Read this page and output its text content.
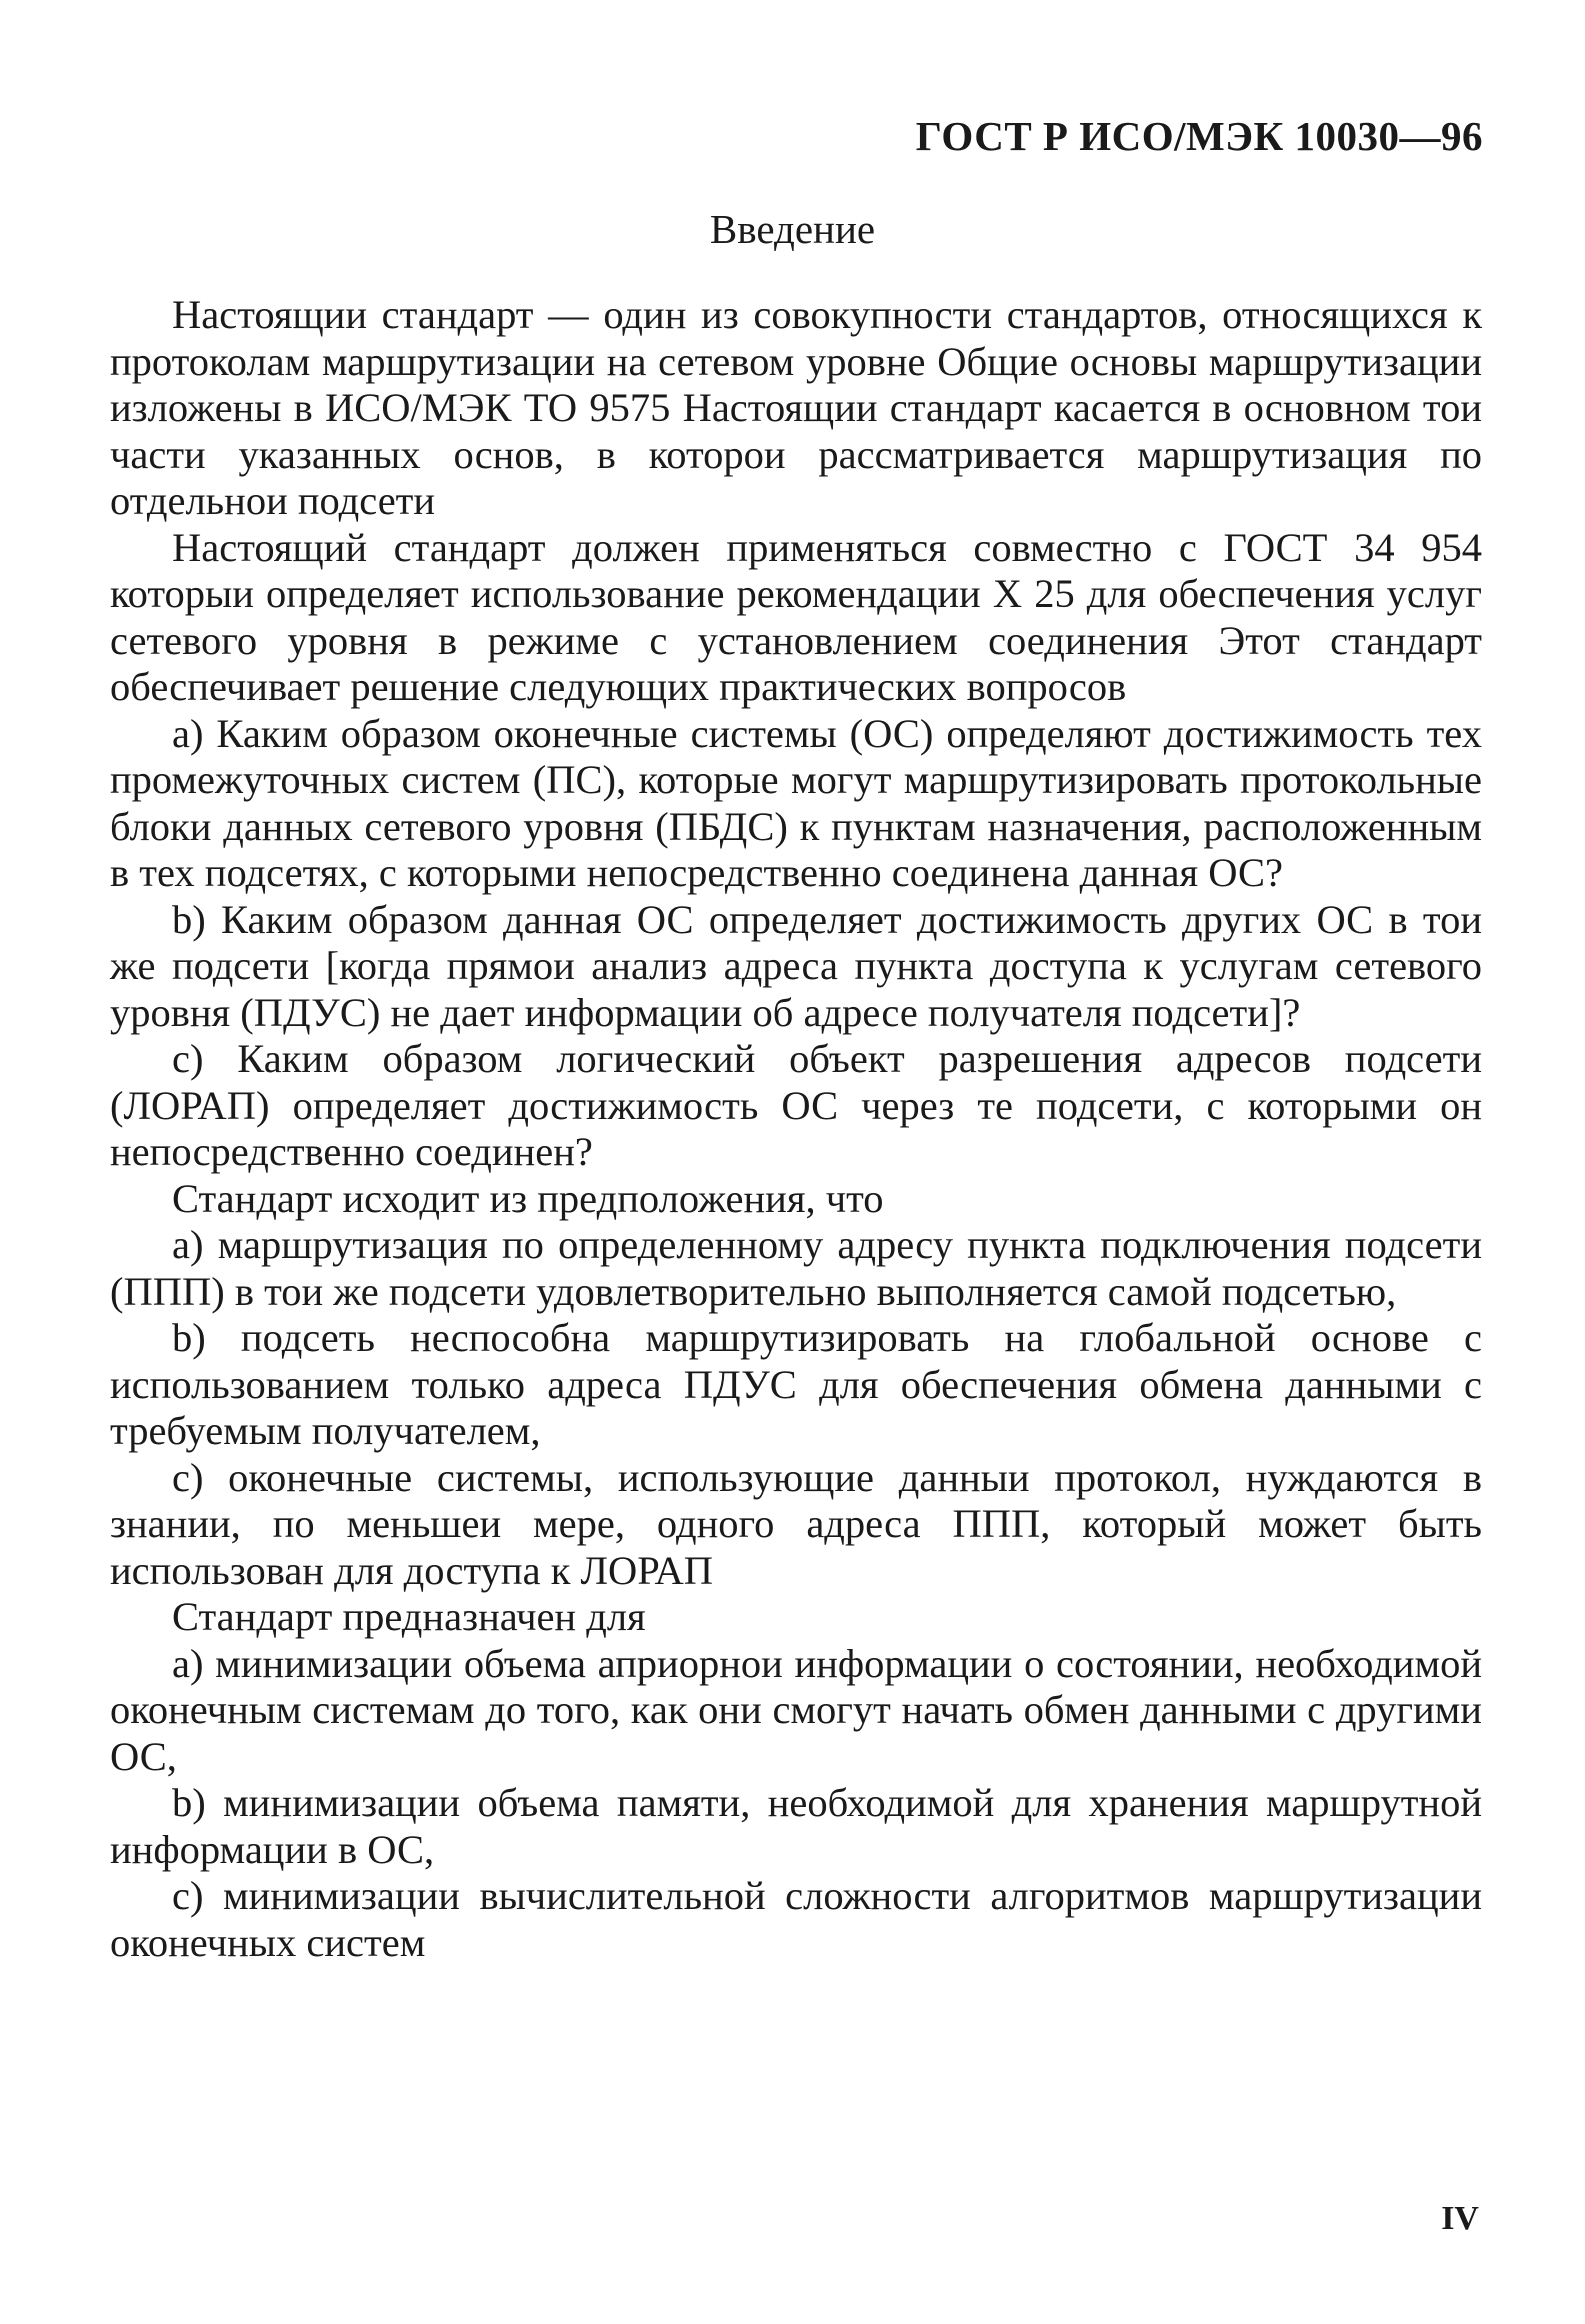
ГОСТ Р ИСО/МЭК 10030—96
Введение

Настоящии стандарт — один из совокупности стандартов, относящихся к протоколам маршрутизации на сетевом уровне Общие основы маршрутизации изложены в ИСО/МЭК ТО 9575 Настоящии стандарт касается в основном тои части указанных основ, в которои рассматривается маршрутизация по отдельнои подсети

Настоящий стандарт должен применяться совместно с ГОСТ 34 954 которыи определяет использование рекомендации Х 25 для обеспечения услуг сетевого уровня в режиме с установлением соединения Этот стандарт обеспечивает решение следующих практических вопросов

а) Каким образом оконечные системы (ОС) определяют достижимость тех промежуточных систем (ПС), которые могут маршрутизировать протокольные блоки данных сетевого уровня (ПБДС) к пунктам назначения, расположенным в тех подсетях, с которыми непосредственно соединена данная ОС?

b) Каким образом данная ОС определяет достижимость других ОС в тои же подсети [когда прямои анализ адреса пункта доступа к услугам сетевого уровня (ПДУС) не дает информации об адресе получателя подсети]?

с) Каким образом логический объект разрешения адресов подсети (ЛОРАП) определяет достижимость ОС через те подсети, с которыми он непосредственно соединен?

Стандарт исходит из предположения, что

а) маршрутизация по определенному адресу пункта подключения подсети (ППП) в тои же подсети удовлетворительно выполняется самой подсетью,

b) подсеть неспособна маршрутизировать на глобальной основе с использованием только адреса ПДУС для обеспечения обмена данными с требуемым получателем,

с) оконечные системы, использующие данныи протокол, нуждаются в знании, по меньшеи мере, одного адреса ППП, который может быть использован для доступа к ЛОРАП

Стандарт предназначен для

а) минимизации объема априорнои информации о состоянии, необходимой оконечным системам до того, как они смогут начать обмен данными с другими ОС,

b) минимизации объема памяти, необходимой для хранения маршрутной информации в ОС,

с) минимизации вычислительной сложности алгоритмов маршрутизации оконечных систем

IV
